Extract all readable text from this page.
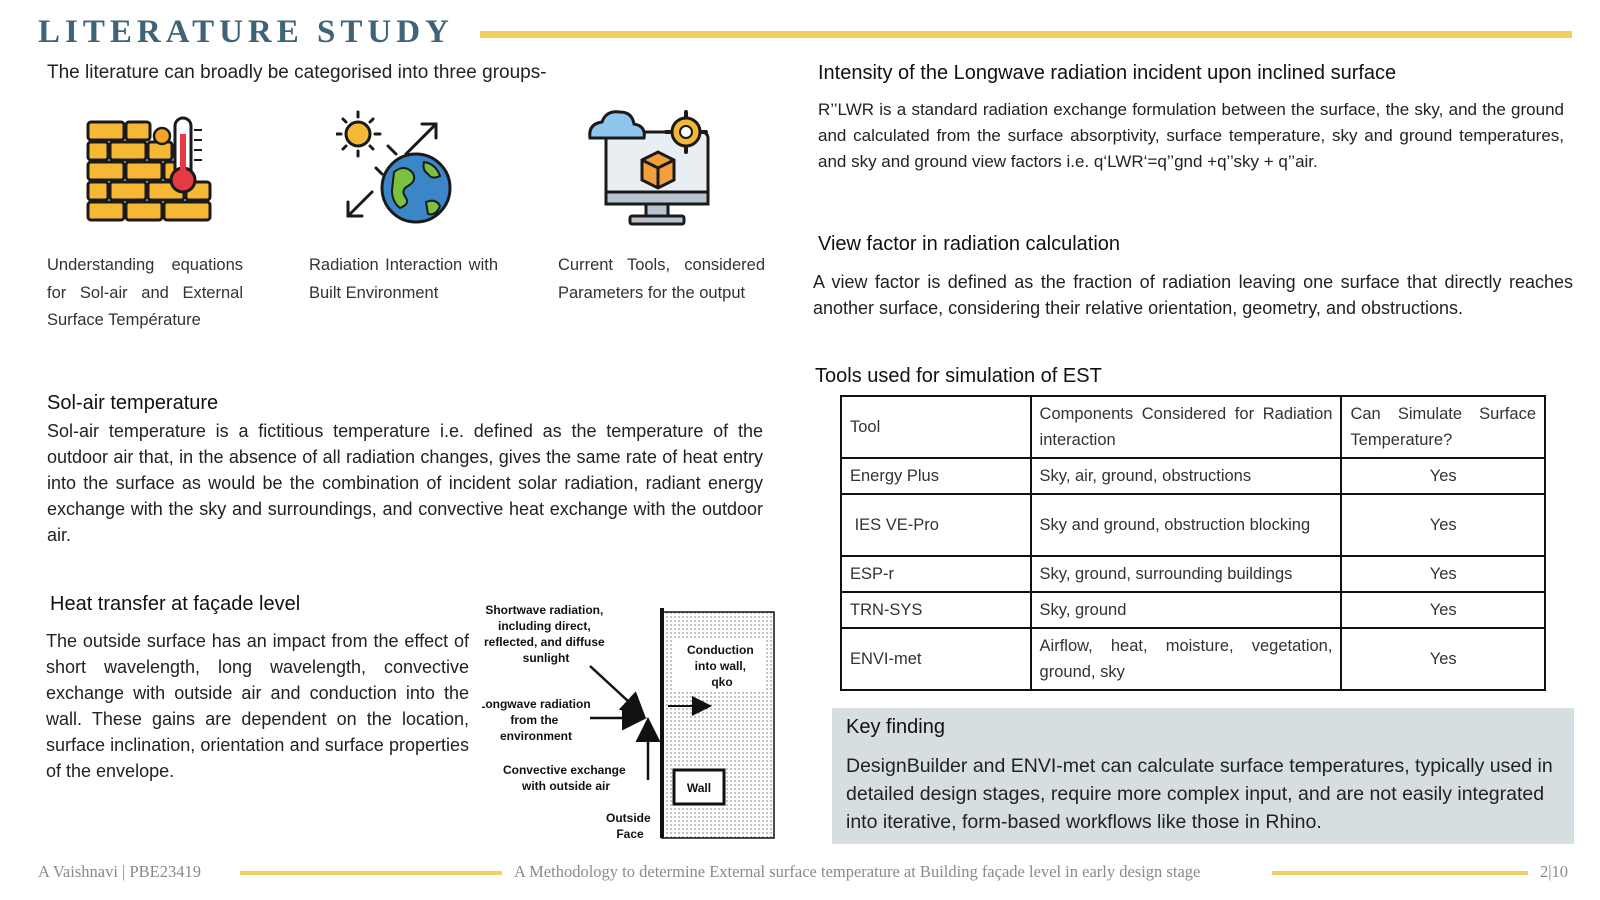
LITERATURE STUDY
The literature can broadly be categorised into three groups-
Understanding equations for Sol-air and External Surface Température
Radiation Interaction with Built Environment
Current Tools, considered Parameters for the output
Sol-air temperature

Sol-air temperature is a fictitious temperature i.e. defined as the temperature of the outdoor air that, in the absence of all radiation changes, gives the same rate of heat entry into the surface as would be the combination of incident solar radiation, radiant energy exchange with the sky and surroundings, and convective heat exchange with the outdoor air.

Heat transfer at façade level

The outside surface has an impact from the effect of short wavelength, long wavelength, convective exchange with outside air and conduction into the wall. These gains are dependent on the location, surface inclination, orientation and surface properties of the envelope.

Conduction into wall, qko
Wall
Shortwave radiation, including direct, reflected, and diffuse sunlight
Longwave radiation from the environment
Convective exchange with outside air
Outside Face
Intensity of the Longwave radiation incident upon inclined surface

R’’LWR is a standard radiation exchange formulation between the surface, the sky, and the ground and calculated from the surface absorptivity, surface temperature, sky and ground temperatures, and sky and ground view factors i.e. q‘LWR‘=q’’gnd +q’’sky + q’’air.

View factor in radiation calculation

A view factor is defined as the fraction of radiation leaving one surface that directly reaches another surface, considering their relative orientation, geometry, and obstructions.

Tools used for simulation of EST
Tool	Components Considered for Radiation interaction	Can Simulate Surface Temperature?
Energy Plus	Sky, air, ground, obstructions	Yes
IES VE-Pro	Sky and ground, obstruction blocking	Yes
ESP-r	Sky, ground, surrounding buildings	Yes
TRN-SYS	Sky, ground	Yes
ENVI-met	Airflow, heat, moisture, vegetation, ground, sky	Yes
Key finding
DesignBuilder and ENVI-met can calculate surface temperatures, typically used in detailed design stages, require more complex input, and are not easily integrated into iterative, form-based workflows like those in Rhino.
A Vaishnavi | PBE23419	A Methodology to determine External surface temperature at Building façade level in early design stage	2|10
